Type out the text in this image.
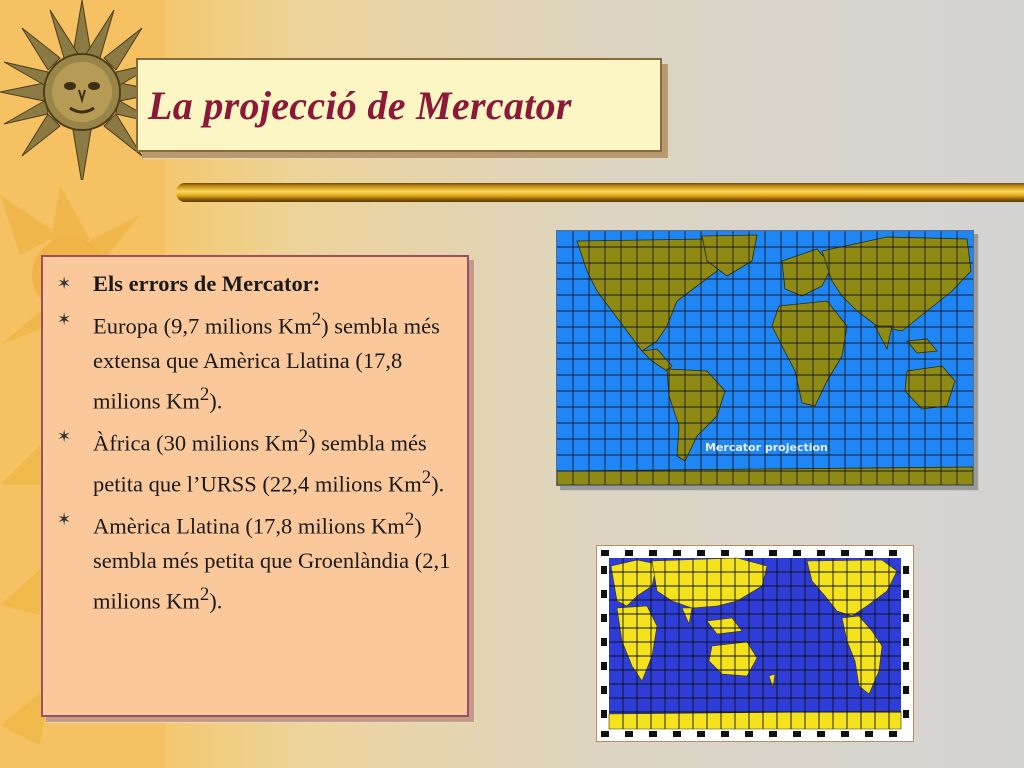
La projecció de Mercator
✶ Els errors de Mercator:
✶ Europa (9,7 milions Km$^2$) sembla més extensa que Amèrica Llatina (17,8 milions Km$^2$).
✶ Àfrica (30 milions Km$^2$) sembla més petita que l’URSS (22,4 milions Km$^2$).
✶ Amèrica Llatina (17,8 milions Km$^2$) sembla més petita que Groenlàndia (2,1 milions Km$^2$).
Mercator projection
